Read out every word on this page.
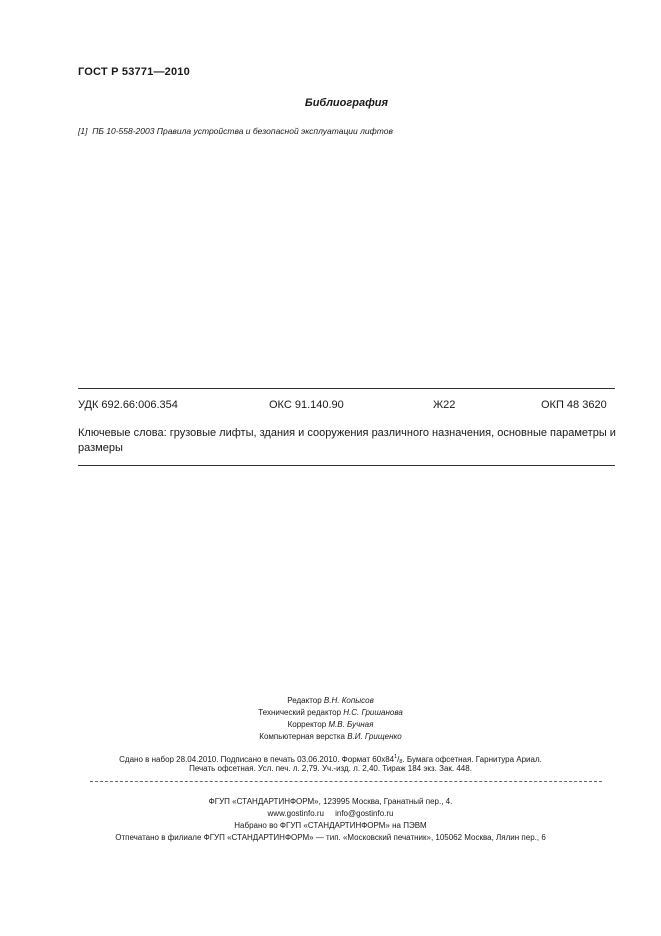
ГОСТ Р 53771—2010
Библиография
[1] ПБ 10-558-2003 Правила устройства и безопасной эксплуатации лифтов
УДК 692.66:006.354	ОКС 91.140.90	Ж22	ОКП 48 3620
Ключевые слова: грузовые лифты, здания и сооружения различного назначения, основные параметры и размеры
Редактор В.Н. Копысов
Технический редактор Н.С. Гришанова
Корректор М.В. Бучная
Компьютерная верстка В.И. Грищенко
Сдано в набор 28.04.2010. Подписано в печать 03.06.2010. Формат $60x84^1/_8$. Бумага офсетная. Гарнитура Ариал.
Печать офсетная. Усл. печ. л. 2,79. Уч.-изд. л. 2,40. Тираж 184 экз. Зак. 448.
ФГУП «СТАНДАРТИНФОРМ», 123995 Москва, Гранатный пер., 4.
www.gostinfo.ru info@gostinfo.ru
Набрано во ФГУП «СТАНДАРТИНФОРМ» на ПЭВМ
Отпечатано в филиале ФГУП «СТАНДАРТИНФОРМ» — тип. «Московский печатник», 105062 Москва, Лялин пер., 6
